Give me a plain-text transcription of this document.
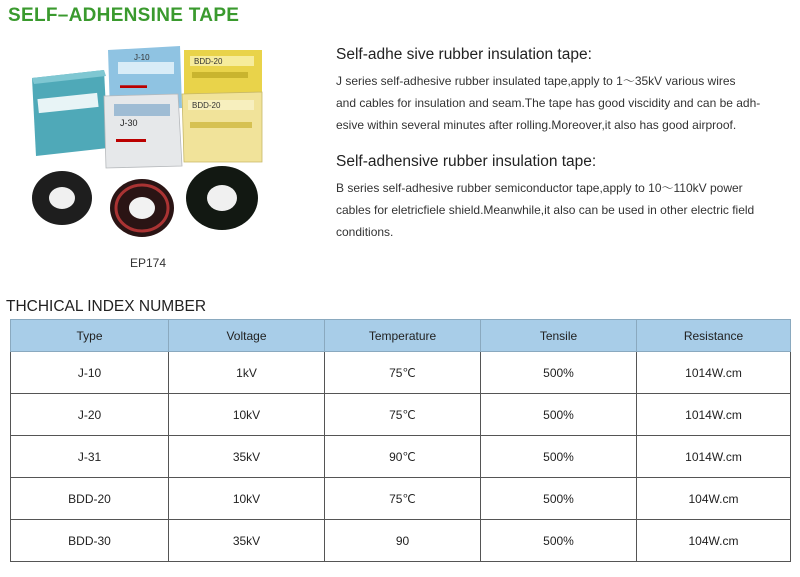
SELF–ADHENSINE TAPE
J-10
▬▬▬
BDD-20
J-30
▬▬▬
BDD-20
EP174
Self-adhe sive rubber insulation tape:

J series self-adhesive rubber insulated tape,apply to 1～35kV various wires
and cables for insulation and seam.The tape has good viscidity and can be adh-
esive within several minutes after rolling.Moreover,it also has good airproof.

Self-adhensive rubber insulation tape:

B series self-adhesive rubber semiconductor tape,apply to 10～110kV power
cables for eletricfiele shield.Meanwhile,it also can be used in other electric field
conditions.

THCHICAL INDEX NUMBER
Type	Voltage	Temperature	Tensile	Resistance
J-10	1kV	75℃	500%	1014W.cm
J-20	10kV	75℃	500%	1014W.cm
J-31	35kV	90℃	500%	1014W.cm
BDD-20	10kV	75℃	500%	104W.cm
BDD-30	35kV	90	500%	104W.cm
